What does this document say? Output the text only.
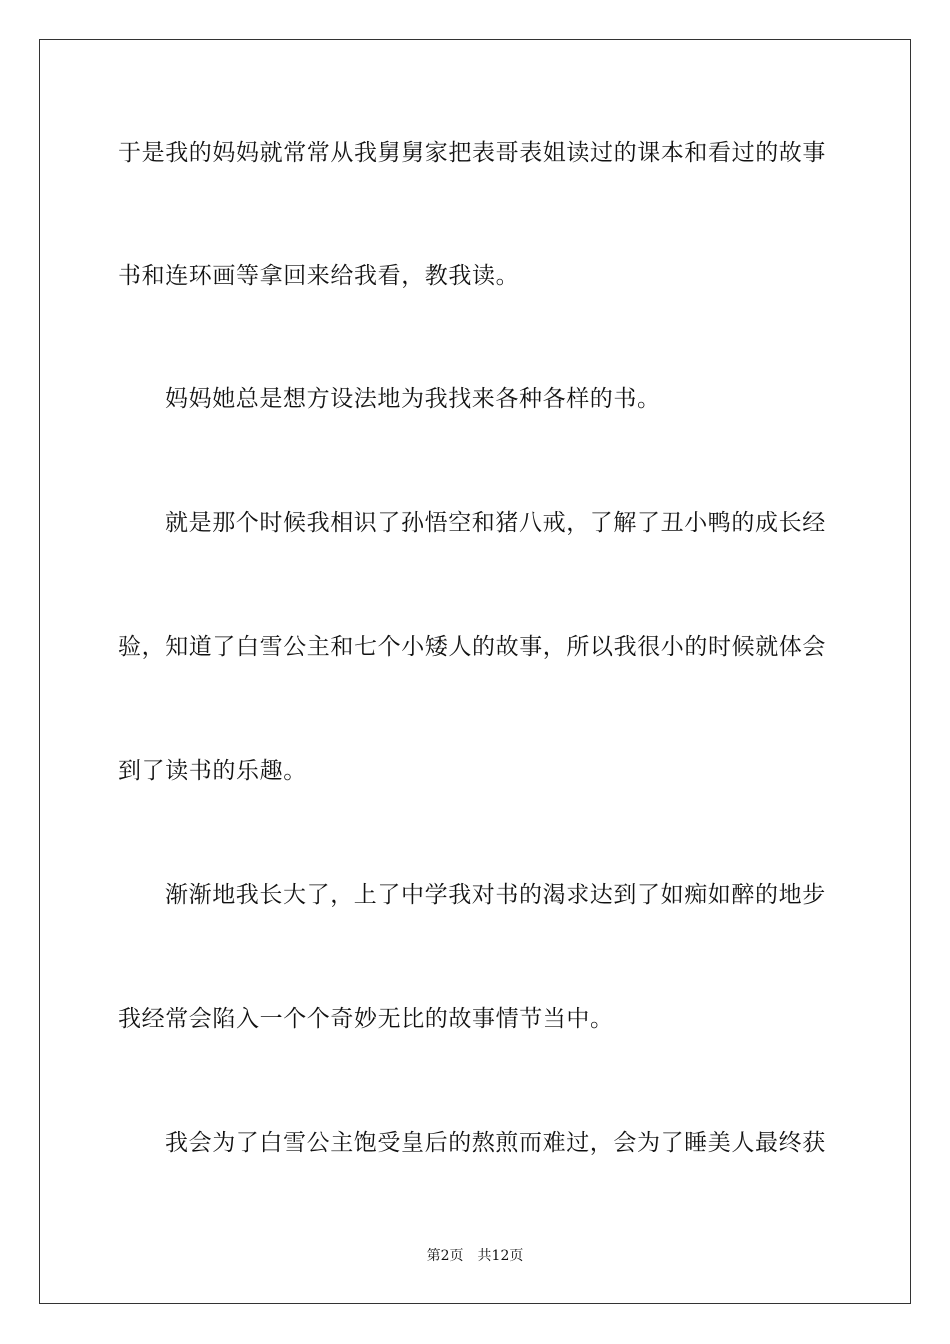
于是我的妈妈就常常从我舅舅家把表哥表姐读过的课本和看过的故事
书和连环画等拿回来给我看，教我读。
妈妈她总是想方设法地为我找来各种各样的书。
就是那个时候我相识了孙悟空和猪八戒，了解了丑小鸭的成长经
验，知道了白雪公主和七个小矮人的故事，所以我很小的时候就体会
到了读书的乐趣。
渐渐地我长大了，上了中学我对书的渴求达到了如痴如醉的地步
我经常会陷入一个个奇妙无比的故事情节当中。
我会为了白雪公主饱受皇后的熬煎而难过，会为了睡美人最终获
第2页 共12页
